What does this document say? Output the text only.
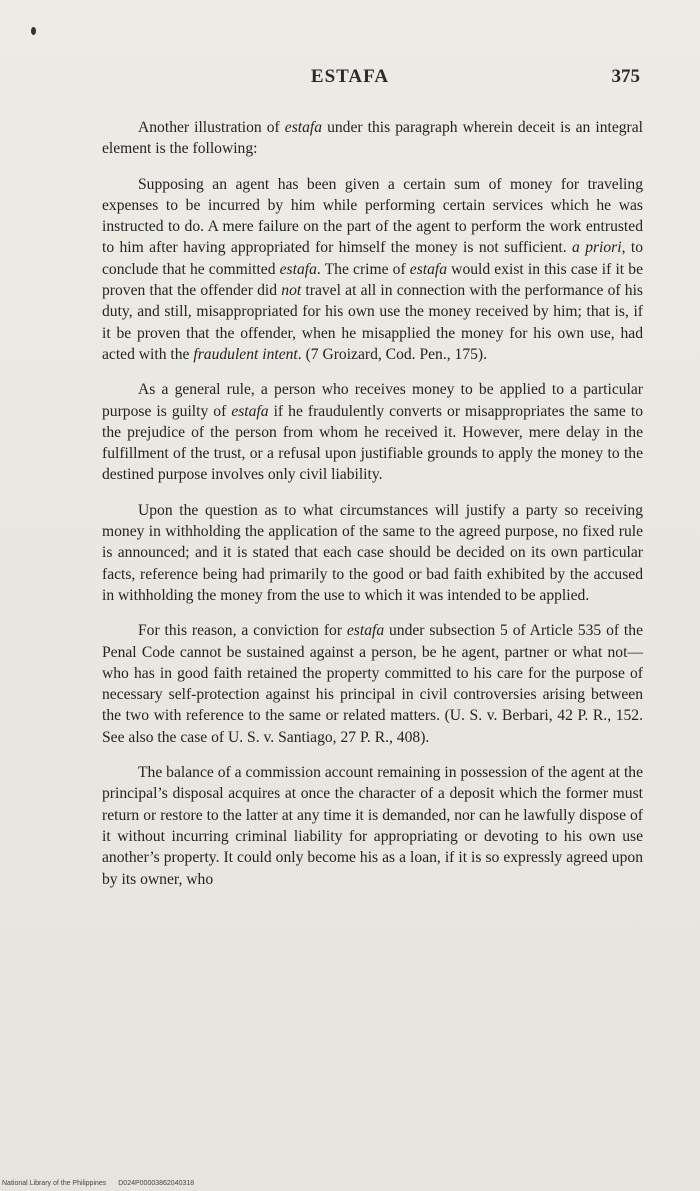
ESTAFA	375

Another illustration of estafa under this paragraph wherein deceit is an integral element is the following:

Supposing an agent has been given a certain sum of money for traveling expenses to be incurred by him while performing certain services which he was instructed to do. A mere failure on the part of the agent to perform the work entrusted to him after having appropriated for himself the money is not sufficient. a priori, to conclude that he committed estafa. The crime of estafa would exist in this case if it be proven that the offender did not travel at all in connection with the performance of his duty, and still, misappropriated for his own use the money received by him; that is, if it be proven that the offender, when he misapplied the money for his own use, had acted with the fraudulent intent. (7 Groizard, Cod. Pen., 175).

As a general rule, a person who receives money to be applied to a particular purpose is guilty of estafa if he fraudulently converts or misappropriates the same to the prejudice of the person from whom he received it. However, mere delay in the fulfillment of the trust, or a refusal upon justifiable grounds to apply the money to the destined purpose involves only civil liability.

Upon the question as to what circumstances will justify a party so receiving money in withholding the application of the same to the agreed purpose, no fixed rule is announced; and it is stated that each case should be decided on its own particular facts, reference being had primarily to the good or bad faith exhibited by the accused in withholding the money from the use to which it was intended to be applied.

For this reason, a conviction for estafa under subsection 5 of Article 535 of the Penal Code cannot be sustained against a person, be he agent, partner or what not—who has in good faith retained the property committed to his care for the purpose of necessary self-protection against his principal in civil controversies arising between the two with reference to the same or related matters. (U. S. v. Berbari, 42 P. R., 152. See also the case of U. S. v. Santiago, 27 P. R., 408).

The balance of a commission account remaining in possession of the agent at the principal’s disposal acquires at once the character of a deposit which the former must return or restore to the latter at any time it is demanded, nor can he lawfully dispose of it without incurring criminal liability for appropriating or devoting to his own use another’s property. It could only become his as a loan, if it is so expressly agreed upon by its owner, who

National Library of the Philippines D024P00003862040318
